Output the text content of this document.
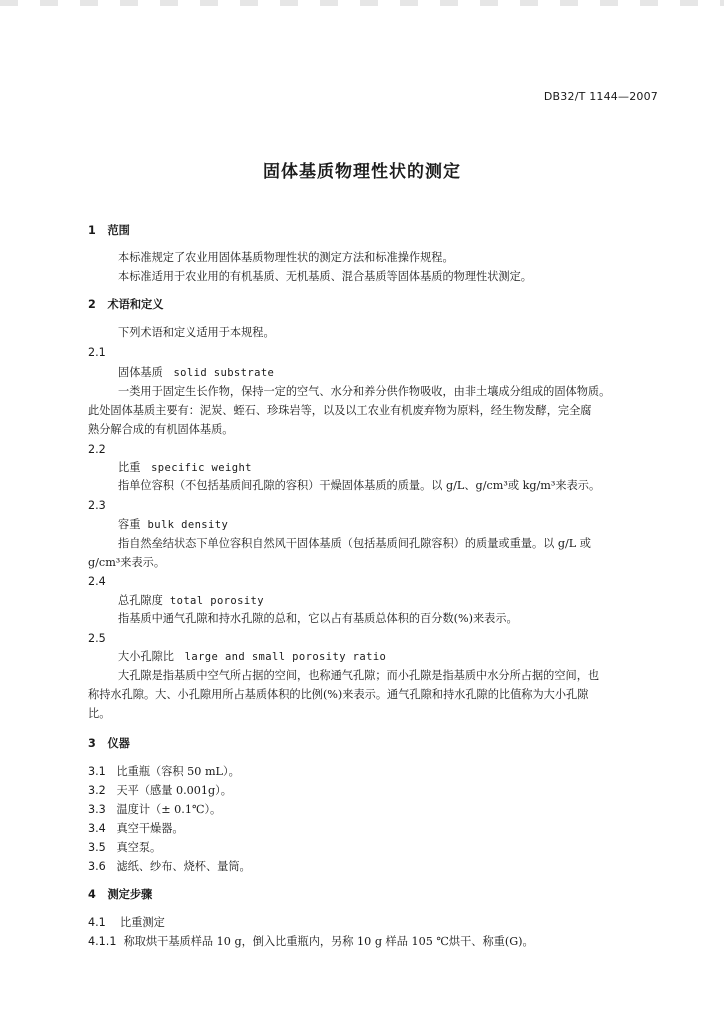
DB32/T 1144—2007
固体基质物理性状的测定
1 范围
本标准规定了农业用固体基质物理性状的测定方法和标准操作规程。
本标准适用于农业用的有机基质、无机基质、混合基质等固体基质的物理性状测定。
2 术语和定义
下列术语和定义适用于本规程。
2.1
固体基质 solid substrate
一类用于固定生长作物，保持一定的空气、水分和养分供作物吸收，由非土壤成分组成的固体物质。
此处固体基质主要有：泥炭、蛭石、珍珠岩等，以及以工农业有机废弃物为原料，经生物发酵，完全腐
熟分解合成的有机固体基质。
2.2
比重 specific weight
指单位容积（不包括基质间孔隙的容积）干燥固体基质的质量。以 g/L、g/cm³或 kg/m³来表示。
2.3
容重 bulk density
指自然垒结状态下单位容积自然风干固体基质（包括基质间孔隙容积）的质量或重量。以 g/L 或
g/cm³来表示。
2.4
总孔隙度 total porosity
指基质中通气孔隙和持水孔隙的总和，它以占有基质总体积的百分数(%)来表示。
2.5
大小孔隙比 large and small porosity ratio
大孔隙是指基质中空气所占据的空间，也称通气孔隙；而小孔隙是指基质中水分所占据的空间，也
称持水孔隙。大、小孔隙用所占基质体积的比例(%)来表示。通气孔隙和持水孔隙的比值称为大小孔隙
比。
3 仪器
3.1 比重瓶（容积 50 mL）。
3.2 天平（感量 0.001g）。
3.3 温度计（± 0.1℃）。
3.4 真空干燥器。
3.5 真空泵。
3.6 滤纸、纱布、烧杯、量筒。
4 测定步骤
4.1 比重测定
4.1.1 称取烘干基质样品 10 g，倒入比重瓶内，另称 10 g 样品 105 ℃烘干、称重(G)。
